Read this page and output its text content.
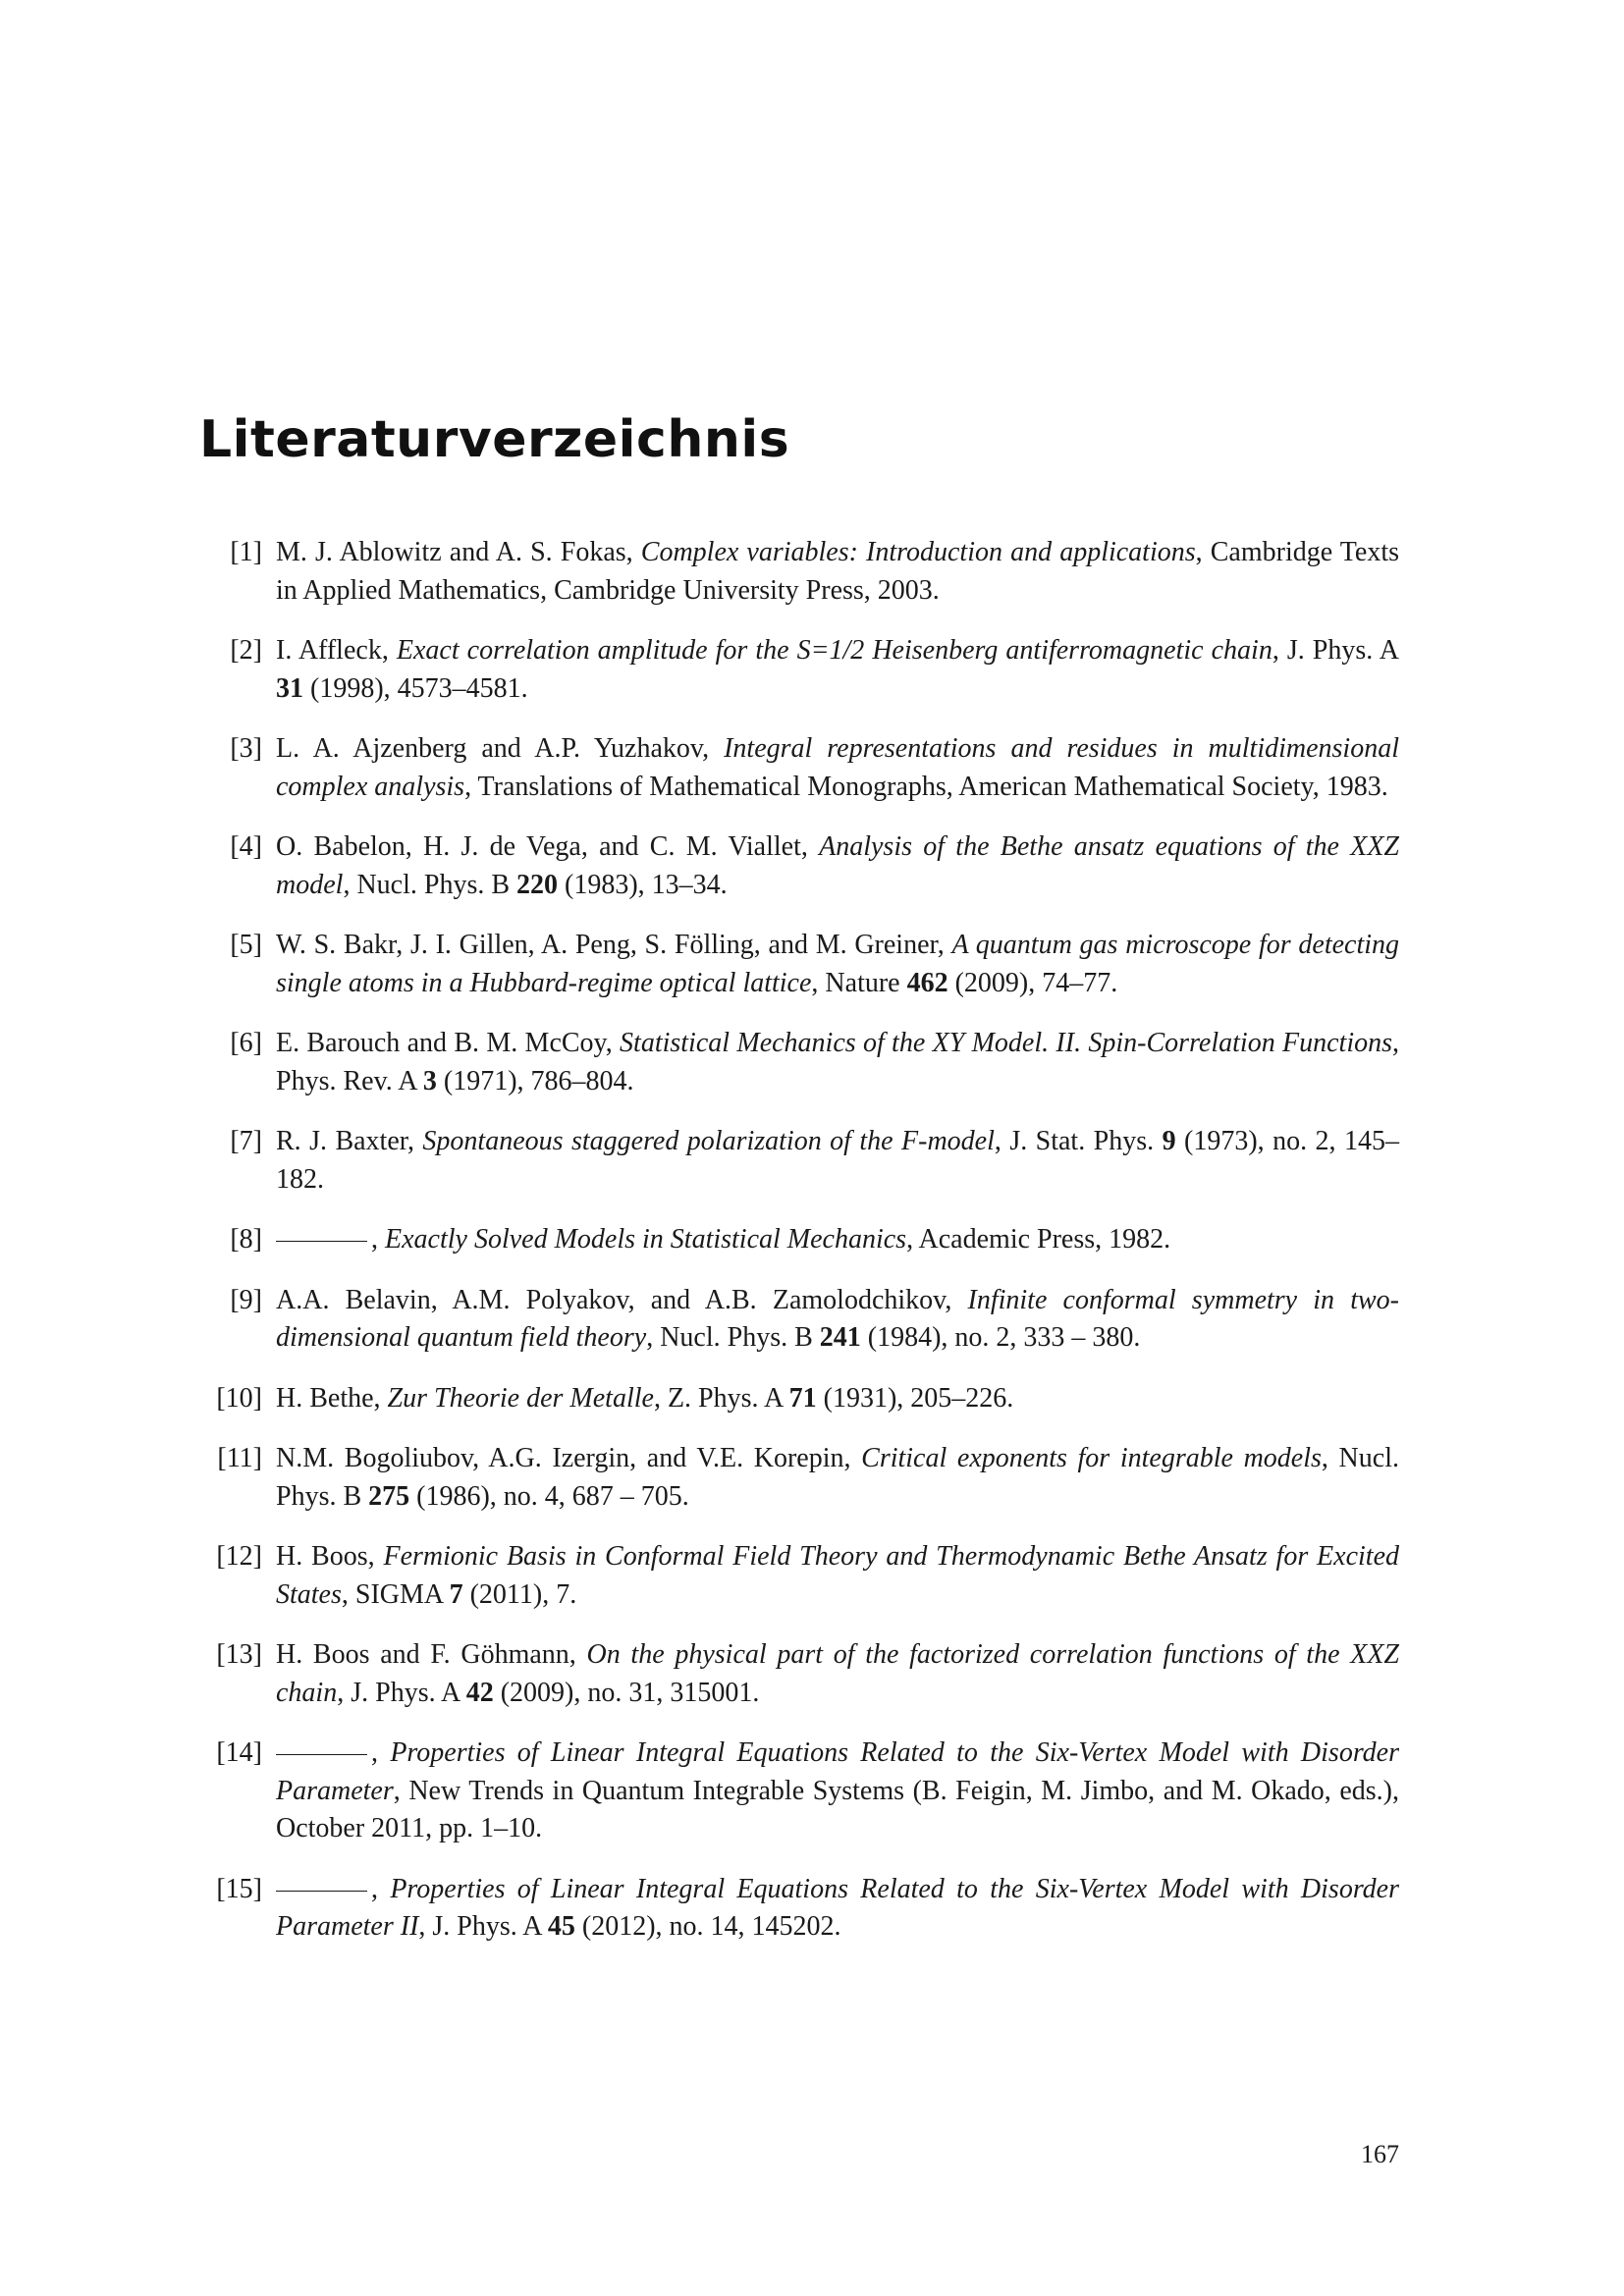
Literaturverzeichnis
[1] M. J. Ablowitz and A. S. Fokas, Complex variables: Introduction and applications, Cambridge Texts in Applied Mathematics, Cambridge University Press, 2003.
[2] I. Affleck, Exact correlation amplitude for the S=1/2 Heisenberg antiferromagnetic chain, J. Phys. A 31 (1998), 4573–4581.
[3] L. A. Ajzenberg and A.P. Yuzhakov, Integral representations and residues in multidimensional complex analysis, Translations of Mathematical Monographs, American Mathematical Society, 1983.
[4] O. Babelon, H. J. de Vega, and C. M. Viallet, Analysis of the Bethe ansatz equations of the XXZ model, Nucl. Phys. B 220 (1983), 13–34.
[5] W. S. Bakr, J. I. Gillen, A. Peng, S. Fölling, and M. Greiner, A quantum gas microscope for detecting single atoms in a Hubbard-regime optical lattice, Nature 462 (2009), 74–77.
[6] E. Barouch and B. M. McCoy, Statistical Mechanics of the XY Model. II. Spin-Correlation Functions, Phys. Rev. A 3 (1971), 786–804.
[7] R. J. Baxter, Spontaneous staggered polarization of the F-model, J. Stat. Phys. 9 (1973), no. 2, 145–182.
[8]	, Exactly Solved Models in Statistical Mechanics, Academic Press, 1982.
[9] A.A. Belavin, A.M. Polyakov, and A.B. Zamolodchikov, Infinite conformal symmetry in two-dimensional quantum field theory, Nucl. Phys. B 241 (1984), no. 2, 333 – 380.
[10] H. Bethe, Zur Theorie der Metalle, Z. Phys. A 71 (1931), 205–226.
[11] N.M. Bogoliubov, A.G. Izergin, and V.E. Korepin, Critical exponents for integrable models, Nucl. Phys. B 275 (1986), no. 4, 687 – 705.
[12] H. Boos, Fermionic Basis in Conformal Field Theory and Thermodynamic Bethe Ansatz for Excited States, SIGMA 7 (2011), 7.
[13] H. Boos and F. Göhmann, On the physical part of the factorized correlation functions of the XXZ chain, J. Phys. A 42 (2009), no. 31, 315001.
[14]	, Properties of Linear Integral Equations Related to the Six-Vertex Model with Disorder Parameter, New Trends in Quantum Integrable Systems (B. Feigin, M. Jimbo, and M. Okado, eds.), October 2011, pp. 1–10.
[15]	, Properties of Linear Integral Equations Related to the Six-Vertex Model with Disorder Parameter II, J. Phys. A 45 (2012), no. 14, 145202.
167
